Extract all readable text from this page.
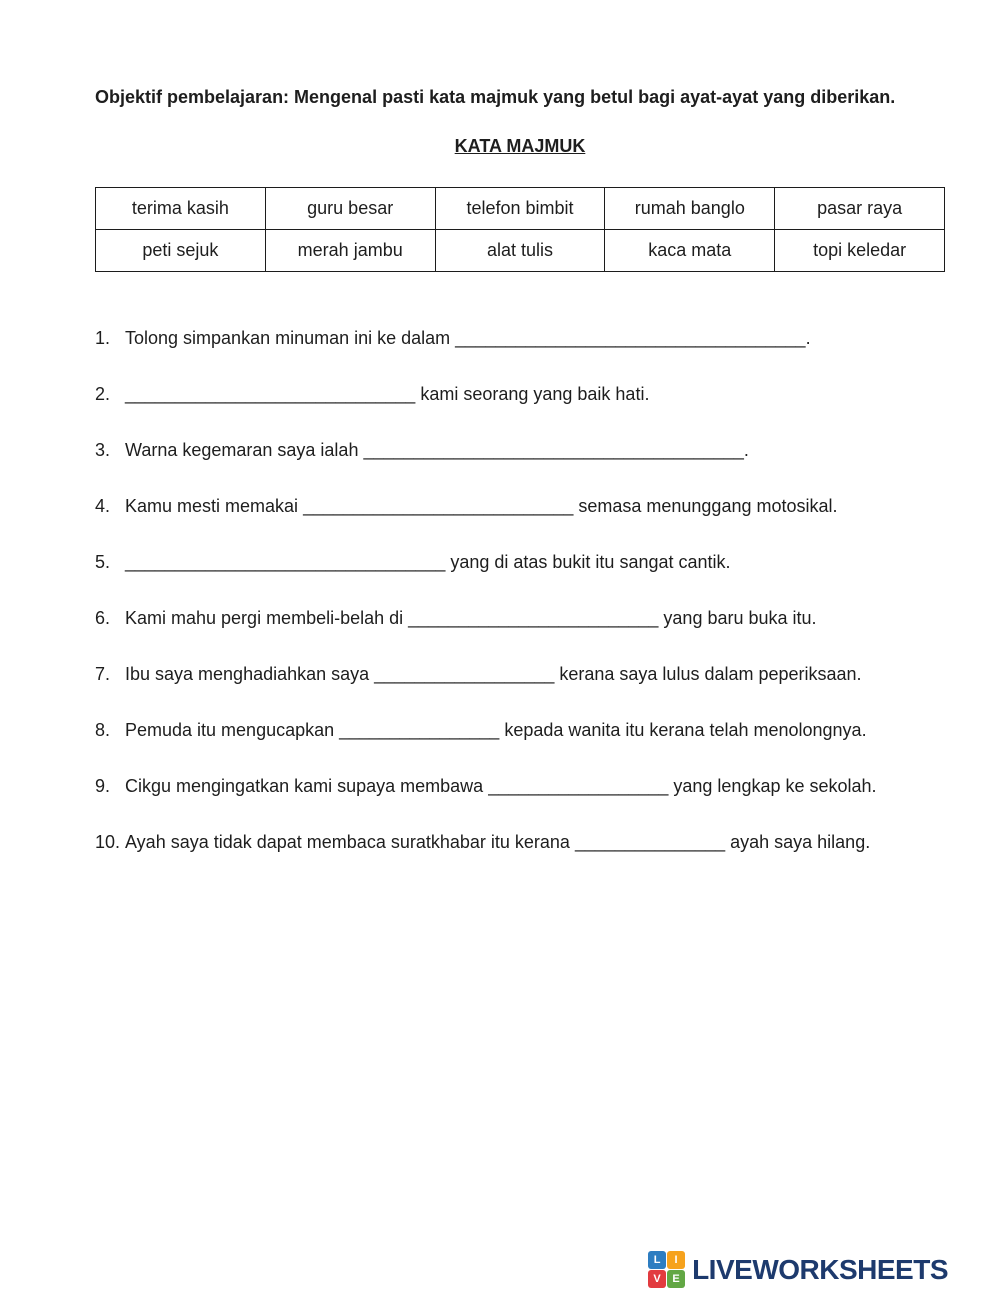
Objektif pembelajaran: Mengenal pasti kata majmuk yang betul bagi ayat-ayat yang diberikan.
KATA MAJMUK
terima kasih	guru besar	telefon bimbit	rumah banglo	pasar raya
peti sejuk	merah jambu	alat tulis	kaca mata	topi keledar
1. Tolong simpankan minuman ini ke dalam ___________________________________.
2. _____________________________ kami seorang yang baik hati.
3. Warna kegemaran saya ialah ______________________________________.
4. Kamu mesti memakai ___________________________ semasa menunggang motosikal.
5. ________________________________ yang di atas bukit itu sangat cantik.
6. Kami mahu pergi membeli-belah di _________________________ yang baru buka itu.
7. Ibu saya menghadiahkan saya __________________ kerana saya lulus dalam peperiksaan.
8. Pemuda itu mengucapkan ________________ kepada wanita itu kerana telah menolongnya.
9. Cikgu mengingatkan kami supaya membawa __________________ yang lengkap ke sekolah.
10. Ayah saya tidak dapat membaca suratkhabar itu kerana _______________ ayah saya hilang.
L	I
V	E LIVEWORKSHEETS
